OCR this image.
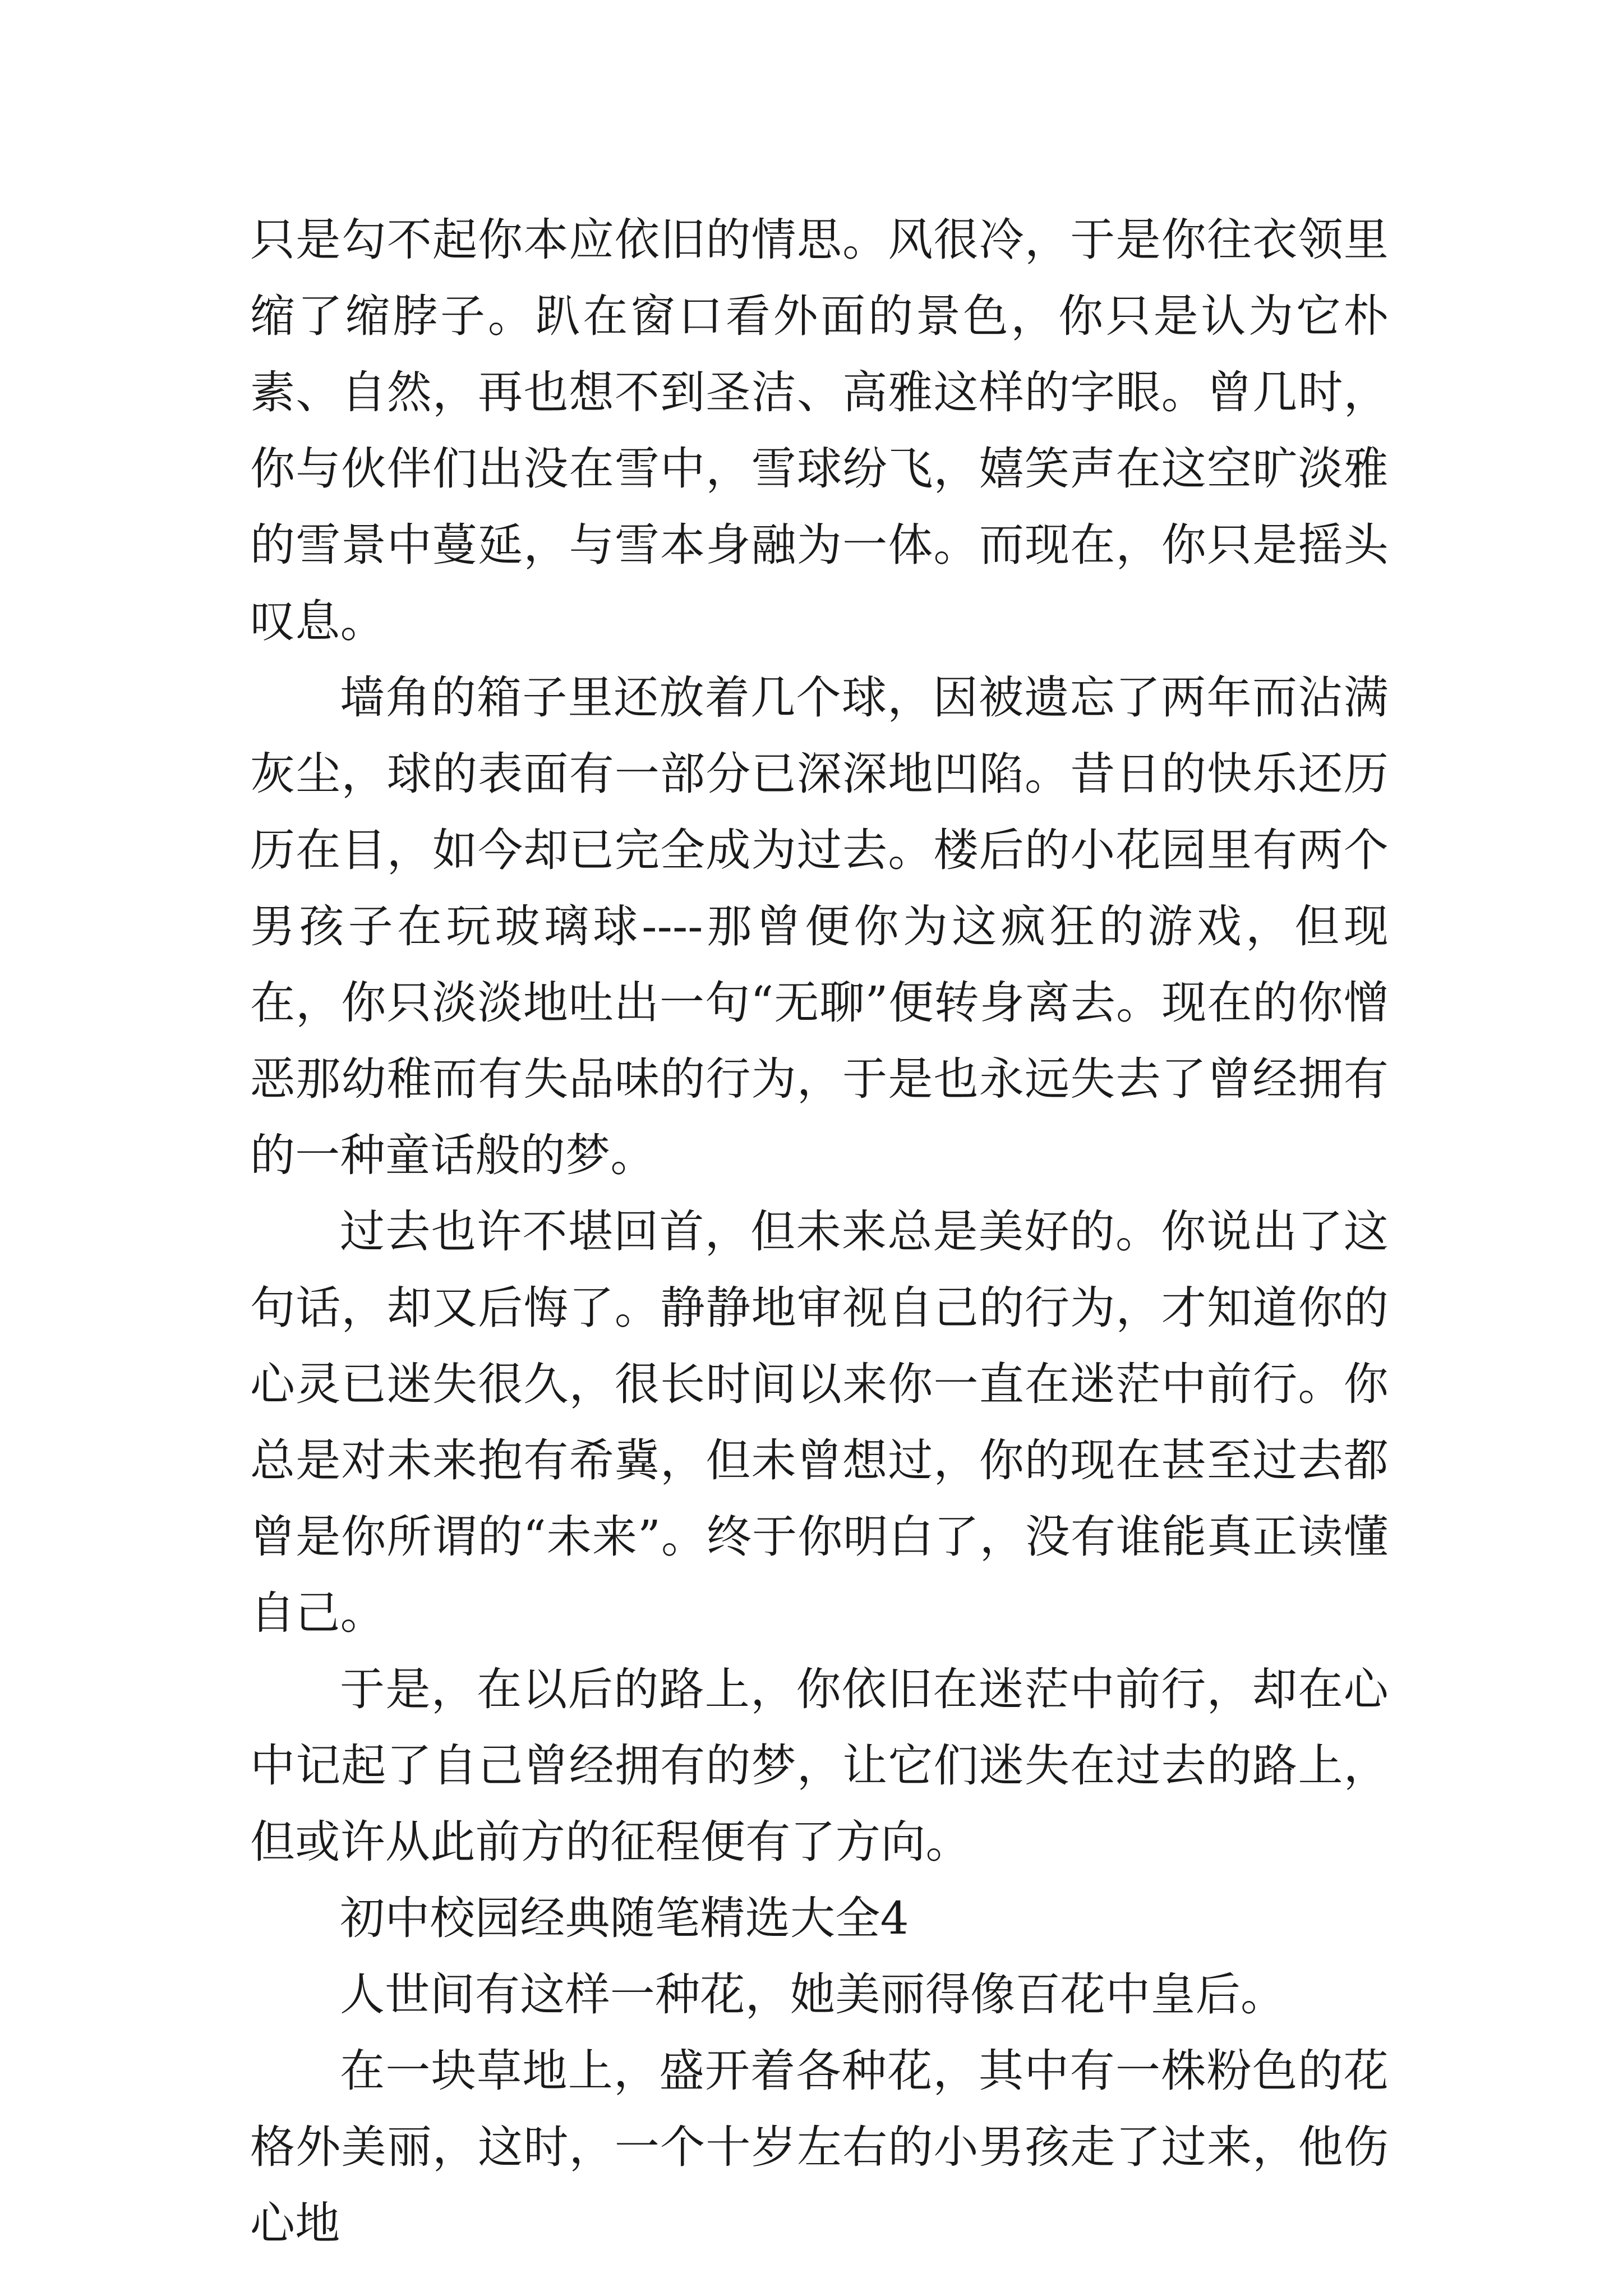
只是勾不起你本应依旧的情思。风很冷，于是你往衣领里缩了缩脖子。趴在窗口看外面的景色，你只是认为它朴素、自然，再也想不到圣洁、高雅这样的字眼。曾几时，你与伙伴们出没在雪中，雪球纷飞，嬉笑声在这空旷淡雅的雪景中蔓延，与雪本身融为一体。而现在，你只是摇头叹息。

墙角的箱子里还放着几个球，因被遗忘了两年而沾满灰尘，球的表面有一部分已深深地凹陷。昔日的快乐还历历在目，如今却已完全成为过去。楼后的小花园里有两个男孩子在玩玻璃球----那曾便你为这疯狂的游戏，但现在，你只淡淡地吐出一句“无聊”便转身离去。现在的你憎恶那幼稚而有失品味的行为，于是也永远失去了曾经拥有的一种童话般的梦。

过去也许不堪回首，但未来总是美好的。你说出了这句话，却又后悔了。静静地审视自己的行为，才知道你的心灵已迷失很久，很长时间以来你一直在迷茫中前行。你总是对未来抱有希冀，但未曾想过，你的现在甚至过去都曾是你所谓的“未来”。终于你明白了，没有谁能真正读懂自己。

于是，在以后的路上，你依旧在迷茫中前行，却在心中记起了自己曾经拥有的梦，让它们迷失在过去的路上，但或许从此前方的征程便有了方向。

初中校园经典随笔精选大全4

人世间有这样一种花，她美丽得像百花中皇后。

在一块草地上，盛开着各种花，其中有一株粉色的花格外美丽，这时，一个十岁左右的小男孩走了过来，他伤心地
